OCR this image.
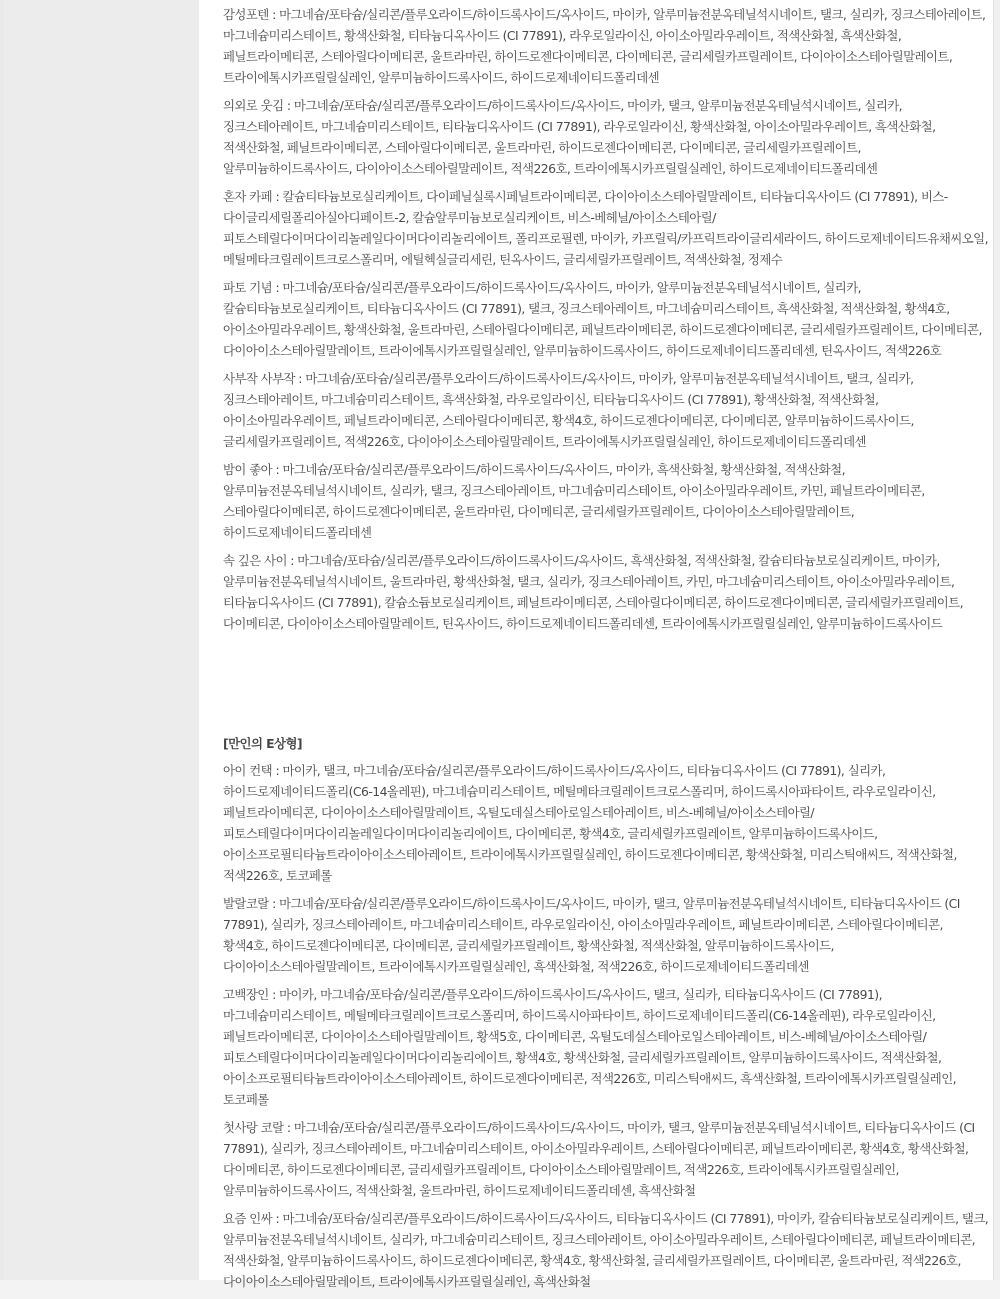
감성포텐 : 마그네슘/포타슘/실리콘/플루오라이드/하이드록사이드/옥사이드, 마이카, 알루미늄전분옥테닐석시네이트, 탤크, 실리카, 징크스테아레이트, 마그네슘미리스테이트, 황색산화철, 티타늄디옥사이드 (CI 77891), 라우로일라이신, 아이소아밀라우레이트, 적색산화철, 흑색산화철, 페닐트라이메티콘, 스테아릴다이메티콘, 울트라마린, 하이드로젠다이메티콘, 다이메티콘, 글리세릴카프릴레이트, 다이아이소스테아릴말레이트, 트라이에톡시카프릴릴실레인, 알루미늄하이드록사이드, 하이드로제네이티드폴리데센

의외로 웃김 : 마그네슘/포타슘/실리콘/플루오라이드/하이드록사이드/옥사이드, 마이카, 탤크, 알루미늄전분옥테닐석시네이트, 실리카, 징크스테아레이트, 마그네슘미리스테이트, 티타늄디옥사이드 (CI 77891), 라우로일라이신, 황색산화철, 아이소아밀라우레이트, 흑색산화철, 적색산화철, 페닐트라이메티콘, 스테아릴다이메티콘, 울트라마린, 하이드로젠다이메티콘, 다이메티콘, 글리세릴카프릴레이트, 알루미늄하이드록사이드, 다이아이소스테아릴말레이트, 적색226호, 트라이에톡시카프릴릴실레인, 하이드로제네이티드폴리데센

혼자 카페 : 칼슘티타늄보로실리케이트, 다이페닐실록시페닐트라이메티콘, 다이아이소스테아릴말레이트, 티타늄디옥사이드 (CI 77891), 비스-다이글리세릴폴리아실아디페이트-2, 칼슘알루미늄보로실리케이트, 비스-베헤닐/아이소스테아릴/피토스테릴다이머다이리놀레일다이머다이리놀리에이트, 폴리프로필렌, 마이카, 카프릴릭/카프릭트라이글리세라이드, 하이드로제네이티드유채씨오일, 메틸메타크릴레이트크로스폴리머, 에틸헥실글리세린, 틴옥사이드, 글리세릴카프릴레이트, 적색산화철, 정제수

파토 기념 : 마그네슘/포타슘/실리콘/플루오라이드/하이드록사이드/옥사이드, 마이카, 알루미늄전분옥테닐석시네이트, 실리카, 칼슘티타늄보로실리케이트, 티타늄디옥사이드 (CI 77891), 탤크, 징크스테아레이트, 마그네슘미리스테이트, 흑색산화철, 적색산화철, 황색4호, 아이소아밀라우레이트, 황색산화철, 울트라마린, 스테아릴다이메티콘, 페닐트라이메티콘, 하이드로젠다이메티콘, 글리세릴카프릴레이트, 다이메티콘, 다이아이소스테아릴말레이트, 트라이에톡시카프릴릴실레인, 알루미늄하이드록사이드, 하이드로제네이티드폴리데센, 틴옥사이드, 적색226호

사부작 사부작 : 마그네슘/포타슘/실리콘/플루오라이드/하이드록사이드/옥사이드, 마이카, 알루미늄전분옥테닐석시네이트, 탤크, 실리카, 징크스테아레이트, 마그네슘미리스테이트, 흑색산화철, 라우로일라이신, 티타늄디옥사이드 (CI 77891), 황색산화철, 적색산화철, 아이소아밀라우레이트, 페닐트라이메티콘, 스테아릴다이메티콘, 황색4호, 하이드로젠다이메티콘, 다이메티콘, 알루미늄하이드록사이드, 글리세릴카프릴레이트, 적색226호, 다이아이소스테아릴말레이트, 트라이에톡시카프릴릴실레인, 하이드로제네이티드폴리데센

밤이 좋아 : 마그네슘/포타슘/실리콘/플루오라이드/하이드록사이드/옥사이드, 마이카, 흑색산화철, 황색산화철, 적색산화철, 알루미늄전분옥테닐석시네이트, 실리카, 탤크, 징크스테아레이트, 마그네슘미리스테이트, 아이소아밀라우레이트, 카민, 페닐트라이메티콘, 스테아릴다이메티콘, 하이드로젠다이메티콘, 울트라마린, 다이메티콘, 글리세릴카프릴레이트, 다이아이소스테아릴말레이트, 하이드로제네이티드폴리데센

속 깊은 사이 : 마그네슘/포타슘/실리콘/플루오라이드/하이드록사이드/옥사이드, 흑색산화철, 적색산화철, 칼슘티타늄보로실리케이트, 마이카, 알루미늄전분옥테닐석시네이트, 울트라마린, 황색산화철, 탤크, 실리카, 징크스테아레이트, 카민, 마그네슘미리스테이트, 아이소아밀라우레이트, 티타늄디옥사이드 (CI 77891), 칼슘소듐보로실리케이트, 페닐트라이메티콘, 스테아릴다이메티콘, 하이드로젠다이메티콘, 글리세릴카프릴레이트, 다이메티콘, 다이아이소스테아릴말레이트, 틴옥사이드, 하이드로제네이티드폴리데센, 트라이에톡시카프릴릴실레인, 알루미늄하이드록사이드

[만인의 E상형]

아이 컨택 : 마이카, 탤크, 마그네슘/포타슘/실리콘/플루오라이드/하이드록사이드/옥사이드, 티타늄디옥사이드 (CI 77891), 실리카, 하이드로제네이티드폴리(C6-14올레핀), 마그네슘미리스테이트, 메틸메타크릴레이트크로스폴리머, 하이드록시아파타이트, 라우로일라이신, 페닐트라이메티콘, 다이아이소스테아릴말레이트, 옥틸도데실스테아로일스테아레이트, 비스-베헤닐/아이소스테아릴/피토스테릴다이머다이리놀레일다이머다이리놀리에이트, 다이메티콘, 황색4호, 글리세릴카프릴레이트, 알루미늄하이드록사이드, 아이소프로필티타늄트라이아이소스테아레이트, 트라이에톡시카프릴릴실레인, 하이드로젠다이메티콘, 황색산화철, 미리스틱애씨드, 적색산화철, 적색226호, 토코페롤

발랄코랄 : 마그네슘/포타슘/실리콘/플루오라이드/하이드록사이드/옥사이드, 마이카, 탤크, 알루미늄전분옥테닐석시네이트, 티타늄디옥사이드 (CI 77891), 실리카, 징크스테아레이트, 마그네슘미리스테이트, 라우로일라이신, 아이소아밀라우레이트, 페닐트라이메티콘, 스테아릴다이메티콘, 황색4호, 하이드로젠다이메티콘, 다이메티콘, 글리세릴카프릴레이트, 황색산화철, 적색산화철, 알루미늄하이드록사이드, 다이아이소스테아릴말레이트, 트라이에톡시카프릴릴실레인, 흑색산화철, 적색226호, 하이드로제네이티드폴리데센

고백장인 : 마이카, 마그네슘/포타슘/실리콘/플루오라이드/하이드록사이드/옥사이드, 탤크, 실리카, 티타늄디옥사이드 (CI 77891), 마그네슘미리스테이트, 메틸메타크릴레이트크로스폴리머, 하이드록시아파타이트, 하이드로제네이티드폴리(C6-14올레핀), 라우로일라이신, 페닐트라이메티콘, 다이아이소스테아릴말레이트, 황색5호, 다이메티콘, 옥틸도데실스테아로일스테아레이트, 비스-베헤닐/아이소스테아릴/피토스테릴다이머다이리놀레일다이머다이리놀리에이트, 황색4호, 황색산화철, 글리세릴카프릴레이트, 알루미늄하이드록사이드, 적색산화철, 아이소프로필티타늄트라이아이소스테아레이트, 하이드로젠다이메티콘, 적색226호, 미리스틱애씨드, 흑색산화철, 트라이에톡시카프릴릴실레인, 토코페롤

첫사랑 코랄 : 마그네슘/포타슘/실리콘/플루오라이드/하이드록사이드/옥사이드, 마이카, 탤크, 알루미늄전분옥테닐석시네이트, 티타늄디옥사이드 (CI 77891), 실리카, 징크스테아레이트, 마그네슘미리스테이트, 아이소아밀라우레이트, 스테아릴다이메티콘, 페닐트라이메티콘, 황색4호, 황색산화철, 다이메티콘, 하이드로젠다이메티콘, 글리세릴카프릴레이트, 다이아이소스테아릴말레이트, 적색226호, 트라이에톡시카프릴릴실레인, 알루미늄하이드록사이드, 적색산화철, 울트라마린, 하이드로제네이티드폴리데센, 흑색산화철

요즘 인싸 : 마그네슘/포타슘/실리콘/플루오라이드/하이드록사이드/옥사이드, 티타늄디옥사이드 (CI 77891), 마이카, 칼슘티타늄보로실리케이트, 탤크, 알루미늄전분옥테닐석시네이트, 실리카, 마그네슘미리스테이트, 징크스테아레이트, 아이소아밀라우레이트, 스테아릴다이메티콘, 페닐트라이메티콘, 적색산화철, 알루미늄하이드록사이드, 하이드로젠다이메티콘, 황색4호, 황색산화철, 글리세릴카프릴레이트, 다이메티콘, 울트라마린, 적색226호, 다이아이소스테아릴말레이트, 트라이에톡시카프릴릴실레인, 흑색산화철
